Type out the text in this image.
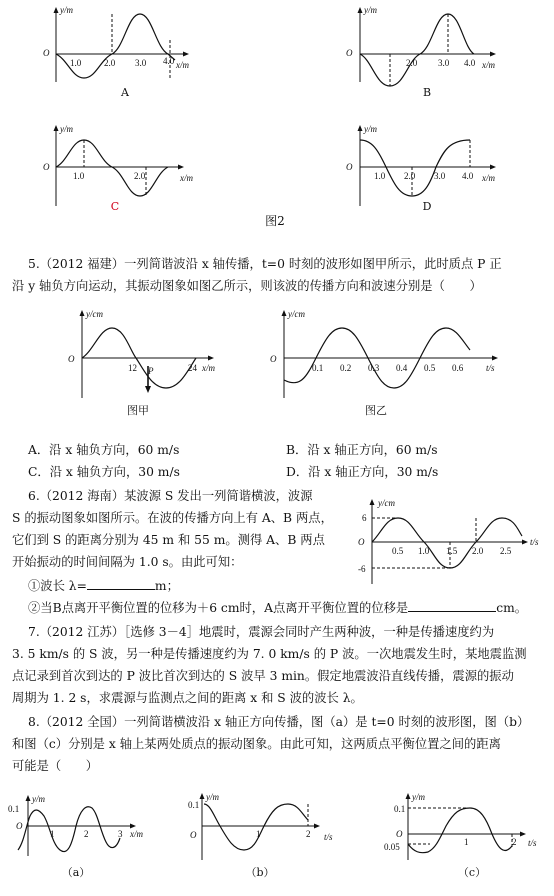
y/m
O
1.0	2.0 3.0 4.0 x/m
y/m
O
2.0 3.0 4.0 x/m
y/m
O
1.0	2.0	x/m
y/m
O
1.0 2.0 3.0 4.0 x/m
A	B
C	D
图2
5.（2012 福建）一列简谐波沿 x 轴传播，t=0 时刻的波形如图甲所示，此时质点 P 正
沿 y 轴负方向运动，其振动图象如图乙所示，则该波的传播方向和波速分别是（　　）
y/cm
O
12	24
P	x/m
y/cm
O
0.1 0.2 0.3 0.4 0.5 0.6	t/s
图甲	图乙
A．沿 x 轴负方向，60 m/s	B．沿 x 轴正方向，60 m/s
C．沿 x 轴负方向，30 m/s	D．沿 x 轴正方向，30 m/s
6.（2012 海南）某波源 S 发出一列简谐横波，波源
S 的振动图象如图所示。在波的传播方向上有 A、B 两点，
它们到 S 的距离分别为 45 m 和 55 m。测得 A、B 两点
开始振动的时间间隔为 1.0 s。由此可知：
①波长 λ=	m；
②当B点离开平衡位置的位移为＋6 cm时，A点离开平衡位置的位移是	cm。
y/cm
6
O
-6
0.5 1.0 1.5 2.0 2.5
t/s
7.（2012 江苏）［选修 3－4］地震时，震源会同时产生两种波，一种是传播速度约为
3. 5 km/s 的 S 波，另一种是传播速度约为 7. 0 km/s 的 P 波。一次地震发生时，某地震监测
点记录到首次到达的 P 波比首次到达的 S 波早 3 min。假定地震波沿直线传播，震源的振动
周期为 1. 2 s，求震源与监测点之间的距离 x 和 S 波的波长 λ。
8.（2012 全国）一列简谐横波沿 x 轴正方向传播，图（a）是 t=0 时刻的波形图，图（b）
和图（c）分别是 x 轴上某两处质点的振动图象。由此可知，这两质点平衡位置之间的距离
可能是（　　）
y/m
0.1
O
1	2	3 x/m
y/m
0.1
O	1	2 t/s
y/m
0.1
O
0.05	1	2 t/s
（a）	（b）	（c）
